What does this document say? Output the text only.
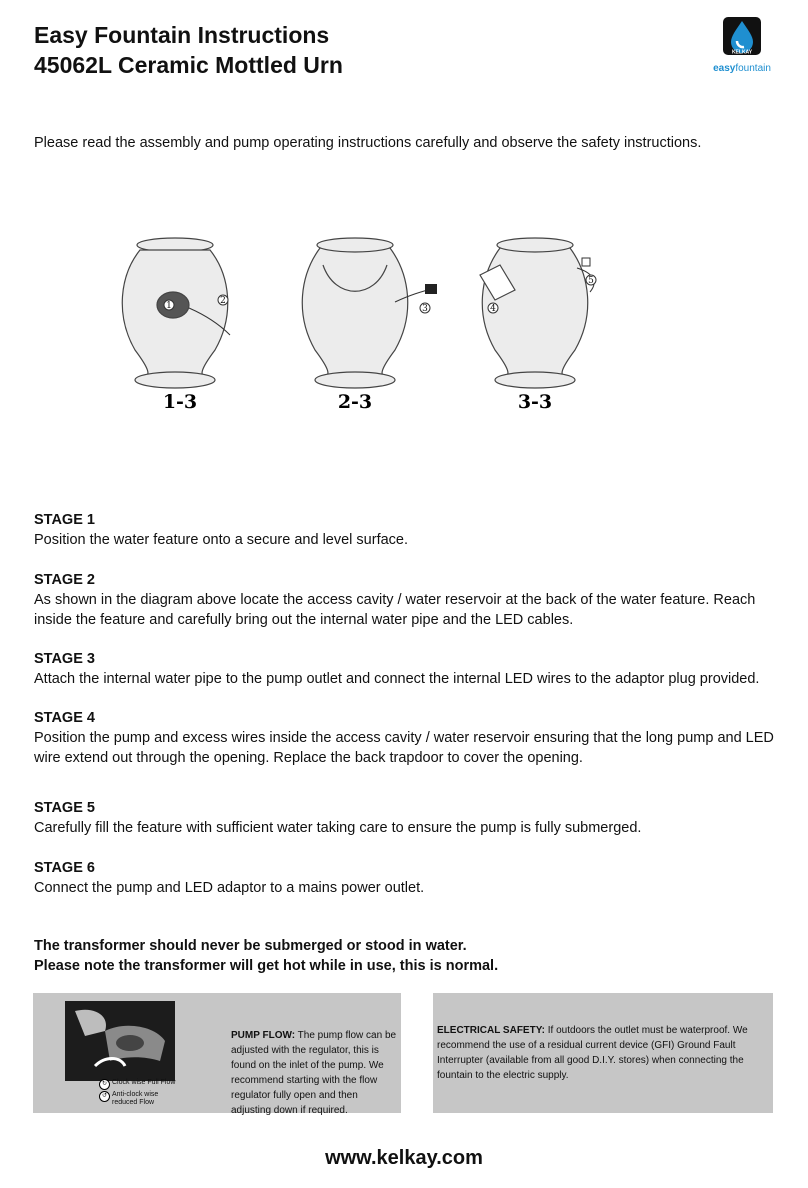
Easy Fountain Instructions
45062L Ceramic Mottled Urn	KELKAY
easyfountain

Please read the assembly and pump operating instructions carefully and observe the safety instructions.

1	2
3	4
5
1-3	2-3	3-3
STAGE 1

Position the water feature onto a secure and level surface.

STAGE 2

As shown in the diagram above locate the access cavity / water reservoir at the back of the water feature. Reach inside the feature and carefully bring out the internal water pipe and the LED cables.

STAGE 3

Attach the internal water pipe to the pump outlet and connect the internal LED wires to the adaptor plug provided.

STAGE 4

Position the pump and excess wires inside the access cavity / water reservoir ensuring that the long pump and LED wire extend out through the opening. Replace the back trapdoor to cover the opening.

STAGE 5

Carefully fill the feature with sufficient water taking care to ensure the pump is fully submerged.

STAGE 6

Connect the pump and LED adaptor to a mains power outlet.

The transformer should never be submerged or stood in water.

Please note the transformer will get hot while in use, this is normal.

↻ Clock wise Full Flow
↺ Anti-clock wise reduced Flow
PUMP FLOW: The pump flow can be adjusted with the regulator, this is found on the inlet of the pump. We recommend starting with the flow regulator fully open and then adjusting down if required.
ELECTRICAL SAFETY: If outdoors the outlet must be waterproof. We recommend the use of a residual current device (GFI) Ground Fault Interrupter (available from all good D.I.Y. stores) when connecting the fountain to the electric supply.
www.kelkay.com
